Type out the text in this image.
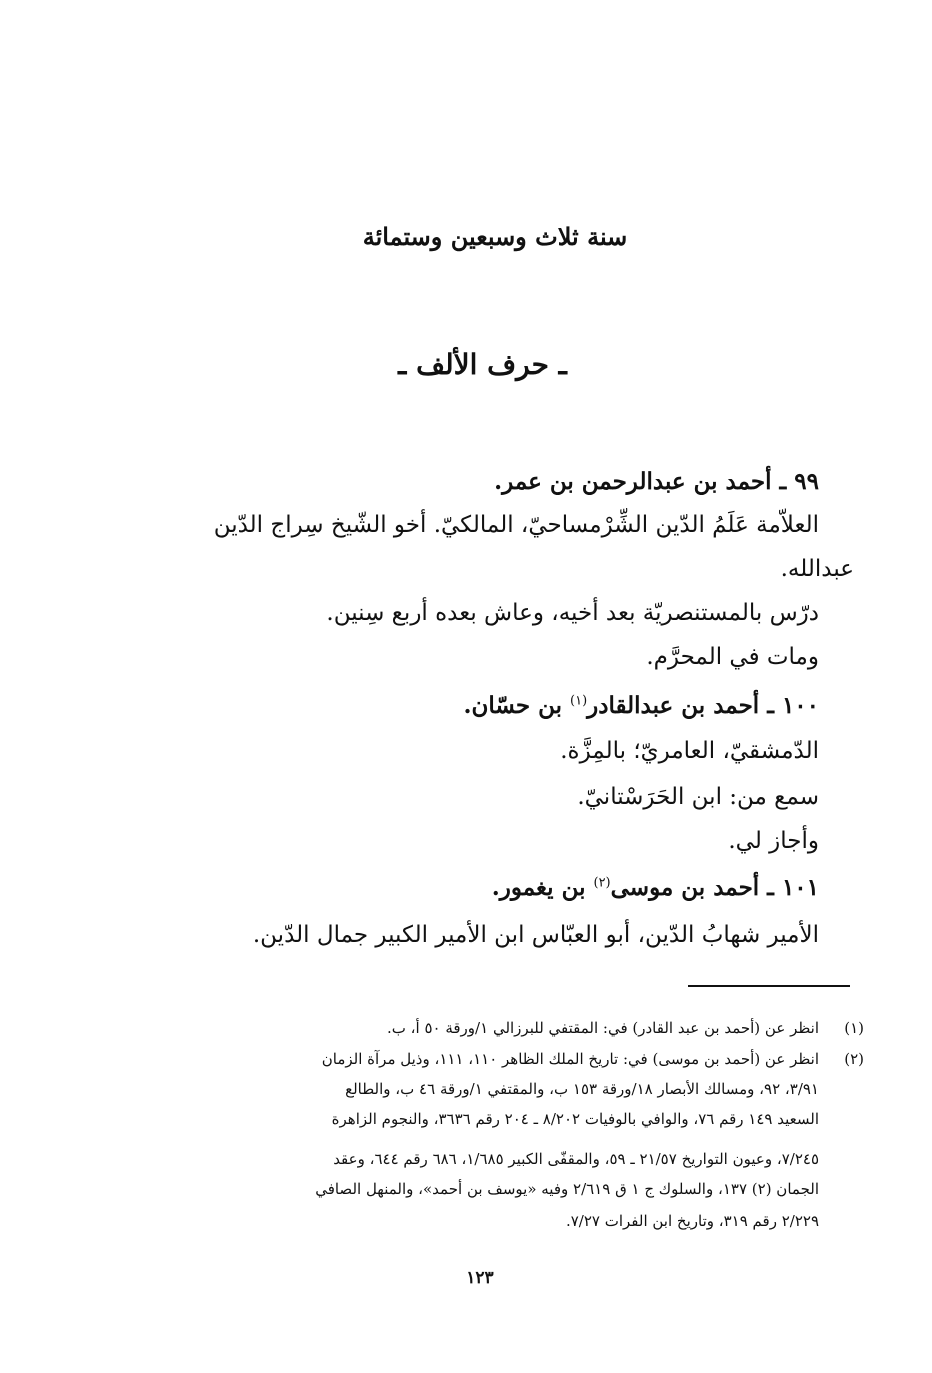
سنة ثلاث وسبعين وستمائة
ـ حرف الألف ـ
٩٩ ـ أحمد بن عبدالرحمن بن عمر.
العلاّمة عَلَمُ الدّين الشِّرْمساحيّ، المالكيّ. أخو الشّيخ سِراج الدّين
عبدالله.
درّس بالمستنصريّة بعد أخيه، وعاش بعده أربع سِنين.
ومات في المحرَّم.
١٠٠ ـ أحمد بن عبدالقادر$^{(١)}$ بن حسّان.
الدّمشقيّ، العامريّ؛ بالمِزَّة.
سمع من: ابن الحَرَسْتانيّ.
وأجاز لي.
١٠١ ـ أحمد بن موسى$^{(٢)}$ بن يغمور.
الأمير شهابُ الدّين، أبو العبّاس ابن الأمير الكبير جمال الدّين.
(١)
انظر عن (أحمد بن عبد القادر) في: المقتفي للبرزالي ١/ورقة ٥٠ أ، ب.
(٢)
انظر عن (أحمد بن موسى) في: تاريخ الملك الظاهر ١١٠، ١١١، وذيل مرآة الزمان
٣/٩١، ٩٢، ومسالك الأبصار ١٨/ورقة ١٥٣ ب، والمقتفي ١/ورقة ٤٦ ب، والطالع
السعيد ١٤٩ رقم ٧٦، والوافي بالوفيات ٨/٢٠٢ ـ ٢٠٤ رقم ٣٦٣٦، والنجوم الزاهرة
٧/٢٤٥، وعيون التواريخ ٢١/٥٧ ـ ٥٩، والمقفّى الكبير ١/٦٨٥، ٦٨٦ رقم ٦٤٤، وعقد
الجمان (٢) ١٣٧، والسلوك ج ١ ق ٢/٦١٩ وفيه «يوسف بن أحمد»، والمنهل الصافي
٢/٢٢٩ رقم ٣١٩، وتاريخ ابن الفرات ٧/٢٧.
١٢٣
